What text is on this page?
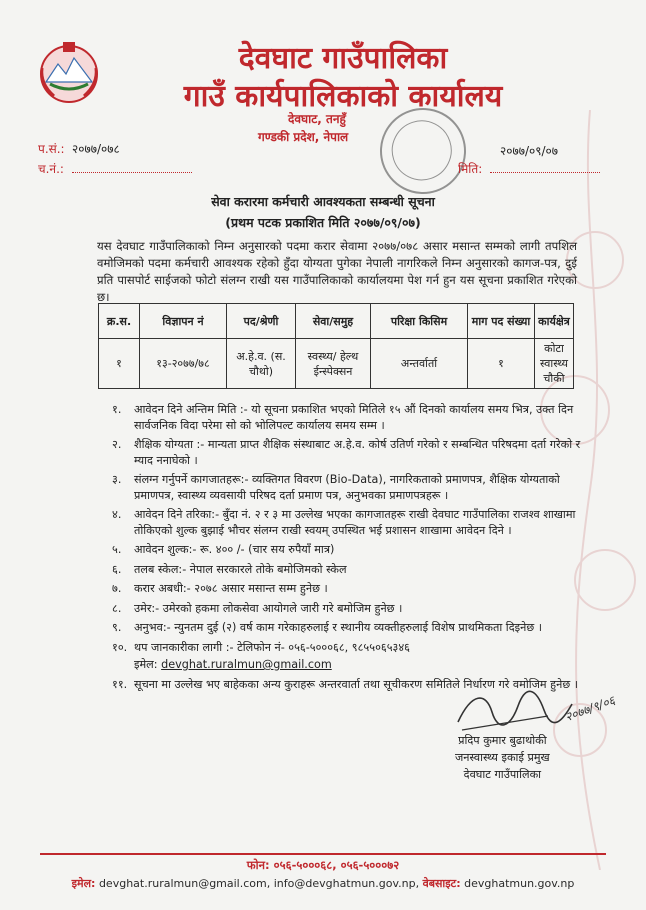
देवघाट गाउँपालिका
गाउँ कार्यपालिकाको कार्यालय
देवघाट, तनहुँ
गण्डकी प्रदेश, नेपाल
प.सं.: २०७७/०७८
च.नं.:
२०७७/०९/०७
मिति:
सेवा करारमा कर्मचारी आवश्यकता सम्बन्धी सूचना
(प्रथम पटक प्रकाशित मिति २०७७/०९/०७)
यस देवघाट गाउँपालिकाको निम्न अनुसारको पदमा करार सेवामा २०७७/०७८ असार मसान्त सम्मको लागी तपशिल वमोजिमको पदमा कर्मचारी आवश्यक रहेको हुँदा योग्यता पुगेका नेपाली नागरिकले निम्न अनुसारको कागज-पत्र, दुई प्रति पासपोर्ट साईजको फोटो संलग्न राखी यस गाउँपालिकाको कार्यालयमा पेश गर्न हुन यस सूचना प्रकाशित गरेएको छ।
क्र.स.	विज्ञापन नं	पद/श्रेणी	सेवा/समुह	परिक्षा किसिम	माग पद संख्या	कार्यक्षेत्र
१	१३-२०७७/७८	अ.हे.व. (स. चौथो)	स्वस्थ्य/ हेल्थ ईन्स्पेक्सन	अन्तर्वार्ता	१	कोटा स्वास्थ्य चौकी
१. आवेदन दिने अन्तिम मिति :- यो सूचना प्रकाशित भएको मितिले १५ औं दिनको कार्यालय समय भित्र, उक्त दिन सार्वजनिक विदा परेमा सो को भोलिपल्ट कार्यालय समय सम्म ।
२. शैक्षिक योग्यता :- मान्यता प्राप्त शैक्षिक संस्थाबाट अ.हे.व. कोर्ष उतिर्ण गरेको र सम्बन्धित परिषदमा दर्ता गरेको र म्याद ननाघेको ।
३. संलग्न गर्नुपर्ने कागजातहरू:- व्यक्तिगत विवरण (Bio-Data), नागरिकताको प्रमाणपत्र, शैक्षिक योग्यताको प्रमाणपत्र, स्वास्थ्य व्यवसायी परिषद दर्ता प्रमाण पत्र, अनुभवका प्रमाणपत्रहरू ।
४. आवेदन दिने तरिका:- बुँदा नं. २ र ३ मा उल्लेख भएका कागजातहरू राखी देवघाट गाउँपालिका राजश्व शाखामा तोकिएको शुल्क बुझाई भौचर संलग्न राखी स्वयम् उपस्थित भई प्रशासन शाखामा आवेदन दिने ।
५. आवेदन शुल्क:- रू. ४०० /- (चार सय रुपैयाँ मात्र)
६. तलब स्केल:- नेपाल सरकारले तोके बमोजिमको स्केल
७. करार अबधी:- २०७८ असार मसान्त सम्म हुनेछ ।
८. उमेर:- उमेरको हकमा लोकसेवा आयोगले जारी गरे बमोजिम हुनेछ ।
९. अनुभव:- न्युनतम दुई (२) वर्ष काम गरेकाहरुलाई र स्थानीय व्यक्तीहरुलाई विशेष प्राथमिकता दिइनेछ ।
१०. थप जानकारीका लागी :- टेलिफोन नं- ०५६-५०००६८, ९८५५०६५३४६
इमेल: devghat.ruralmun@gmail.com
११. सूचना मा उल्लेख भए बाहेकका अन्य कुराहरू अन्तरवार्ता तथा सूचीकरण समितिले निर्धारण गरे वमोजिम हुनेछ ।
२०७७/९/०६
प्रदिप कुमार बुढाथोकी
जनस्वास्थ्य इकाई प्रमुख
देवघाट गाउँपालिका
फोन: ०५६-५०००६८, ०५६-५०००७२
इमेल: devghat.ruralmun@gmail.com, info@devghatmun.gov.np, वेबसाइट: devghatmun.gov.np
